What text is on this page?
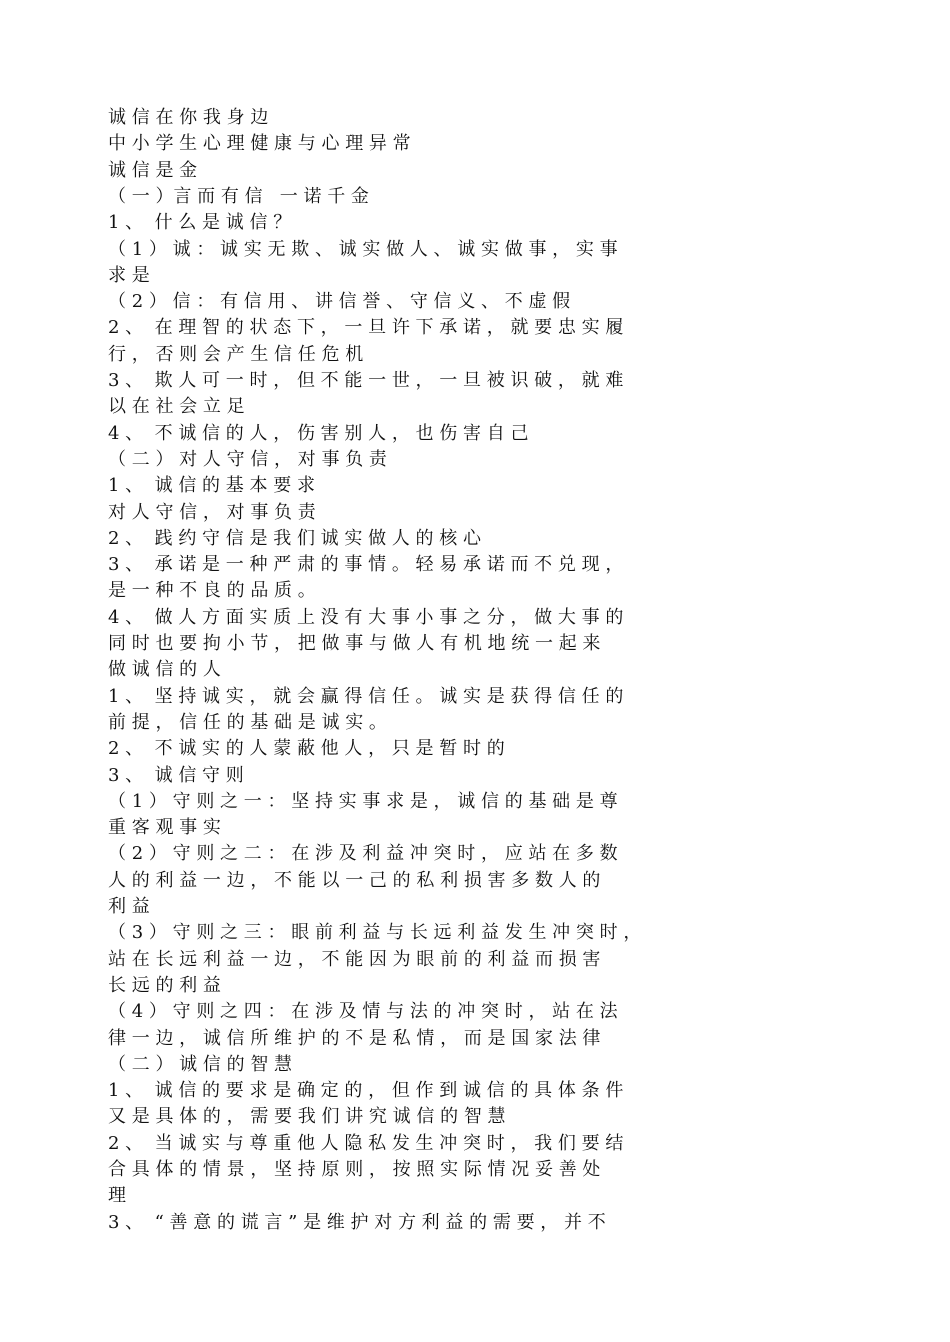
诚 信 在 你 我 身 边
中 小 学 生 心 理 健 康 与 心 理 异 常
诚 信 是 金
（ 一 ）言 而 有 信   一 诺 千 金
1 、  什 么 是 诚 信 ？
（ 1 ） 诚 ： 诚 实 无 欺 、 诚 实 做 人 、 诚 实 做 事 ， 实 事
求 是
（ 2 ） 信 ： 有 信 用 、 讲 信 誉 、 守 信 义 、 不 虚 假
2 、  在 理 智 的 状 态 下 ， 一 旦 许 下 承 诺 ， 就 要 忠 实 履
行 ， 否 则 会 产 生 信 任 危 机
3 、  欺 人 可 一 时 ， 但 不 能 一 世 ， 一 旦 被 识 破 ， 就 难
以 在 社 会 立 足
4 、  不 诚 信 的 人 ， 伤 害 别 人 ， 也 伤 害 自 己
（ 二 ） 对 人 守 信 ， 对 事 负 责
1 、  诚 信 的 基 本 要 求
对 人 守 信 ， 对 事 负 责
2 、  践 约 守 信 是 我 们 诚 实 做 人 的 核 心
3 、  承 诺 是 一 种 严 肃 的 事 情 。 轻 易 承 诺 而 不 兑 现 ，
是 一 种 不 良 的 品 质 。
4 、  做 人 方 面 实 质 上 没 有 大 事 小 事 之 分 ， 做 大 事 的
同 时 也 要 拘 小 节 ， 把 做 事 与 做 人 有 机 地 统 一 起 来
做 诚 信 的 人
1 、  坚 持 诚 实 ， 就 会 赢 得 信 任 。 诚 实 是 获 得 信 任 的
前 提 ， 信 任 的 基 础 是 诚 实 。
2 、  不 诚 实 的 人 蒙 蔽 他 人 ， 只 是 暂 时 的
3 、  诚 信 守 则
（ 1 ） 守 则 之 一 ： 坚 持 实 事 求 是 ， 诚 信 的 基 础 是 尊
重 客 观 事 实
（ 2 ） 守 则 之 二 ： 在 涉 及 利 益 冲 突 时 ， 应 站 在 多 数
人 的 利 益 一 边 ， 不 能 以 一 己 的 私 利 损 害 多 数 人 的
利 益
（ 3 ） 守 则 之 三 ： 眼 前 利 益 与 长 远 利 益 发 生 冲 突 时 ，
站 在 长 远 利 益 一 边 ， 不 能 因 为 眼 前 的 利 益 而 损 害
长 远 的 利 益
（ 4 ） 守 则 之 四 ： 在 涉 及 情 与 法 的 冲 突 时 ， 站 在 法
律 一 边 ， 诚 信 所 维 护 的 不 是 私 情 ， 而 是 国 家 法 律
（ 二 ） 诚 信 的 智 慧
1 、  诚 信 的 要 求 是 确 定 的 ， 但 作 到 诚 信 的 具 体 条 件
又 是 具 体 的 ， 需 要 我 们 讲 究 诚 信 的 智 慧
2 、  当 诚 实 与 尊 重 他 人 隐 私 发 生 冲 突 时 ， 我 们 要 结
合 具 体 的 情 景 ， 坚 持 原 则 ， 按 照 实 际 情 况 妥 善 处
理
3 、  “ 善 意 的 谎 言 ” 是 维 护 对 方 利 益 的 需 要 ， 并 不
